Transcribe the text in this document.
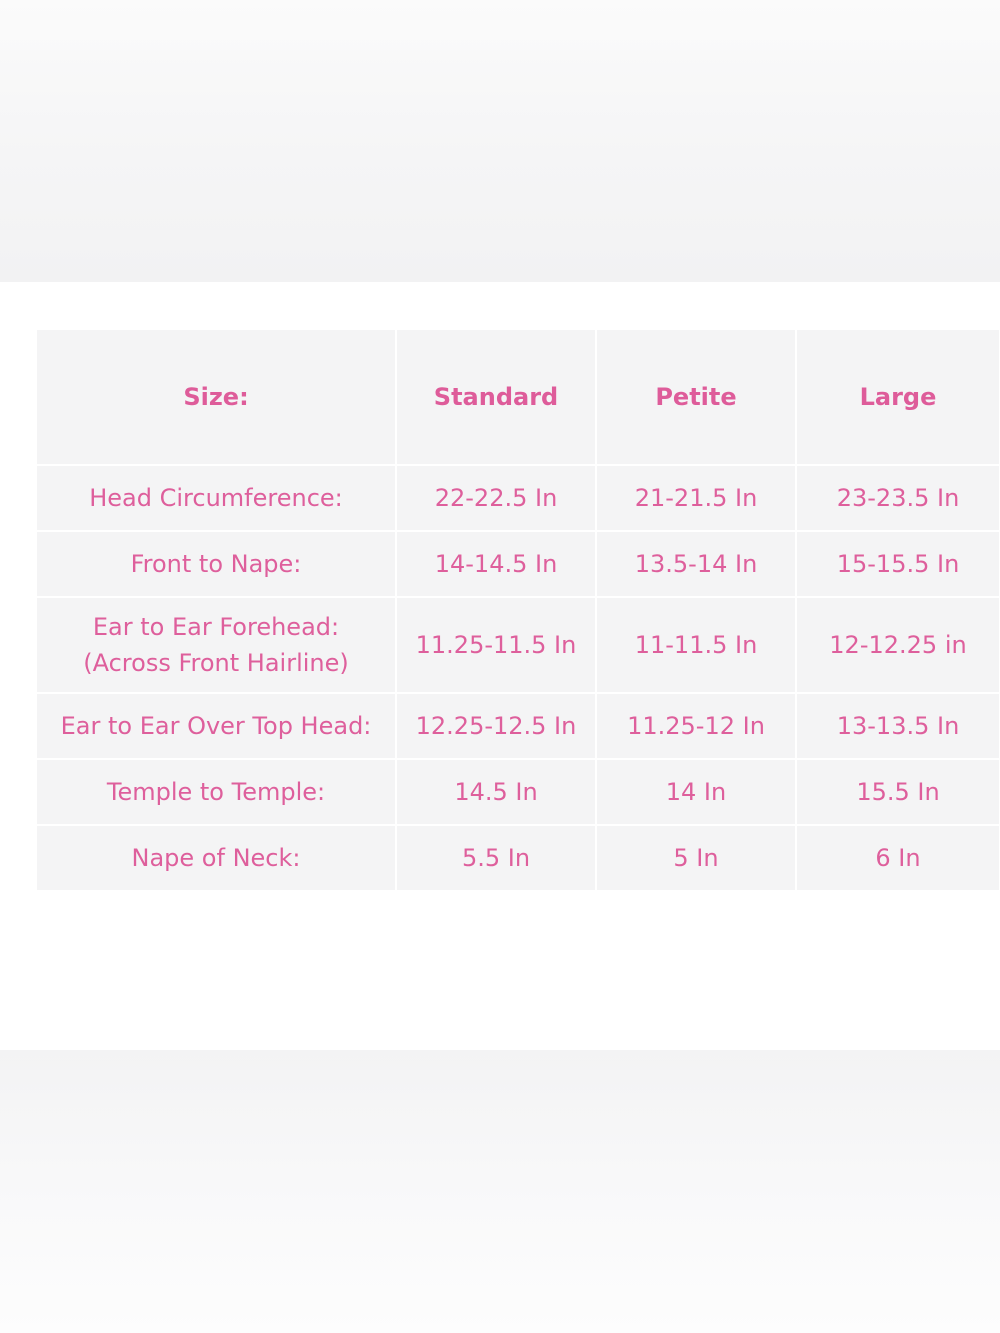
Size:	Standard	Petite	Large

Head Circumference:	22-22.5 In	21-21.5 In	23-23.5 In

Front to Nape:	14-14.5 In	13.5-14 In	15-15.5 In

Ear to Ear Forehead:
(Across Front Hairline)	11.25-11.5 In	11-11.5 In	12-12.25 in

Ear to Ear Over Top Head:	12.25-12.5 In	11.25-12 In	13-13.5 In

Temple to Temple:	14.5 In	14 In	15.5 In

Nape of Neck:	5.5 In	5 In	6 In
